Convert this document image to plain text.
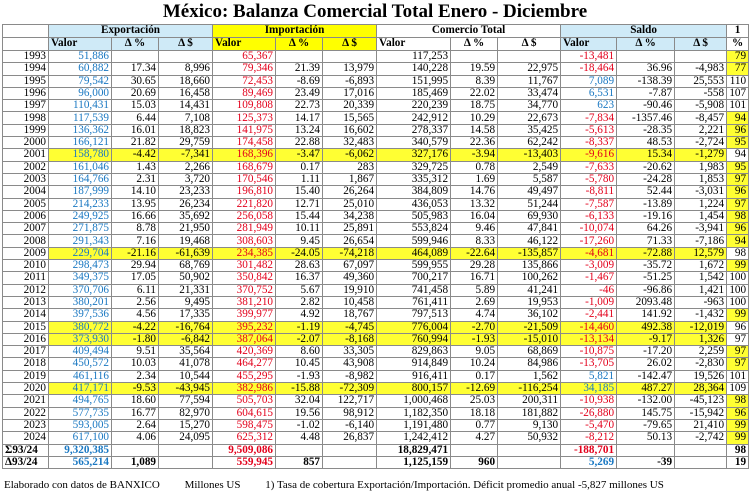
México: Balanza Comercial Total Enero - Diciembre
	Exportación			Importación			Comercio Total			Saldo			1
	Valor	Δ %	Δ $	Valor	Δ %	Δ $	Valor	Δ %	Δ $	Valor	Δ %	Δ $	%
1993	51,886			65,367			117,253			-13,481			79
1994	60,882	17.34	8,996	79,346	21.39	13,979	140,228	19.59	22,975	-18,464	36.96	-4,983	77
1995	79,542	30.65	18,660	72,453	-8.69	-6,893	151,995	8.39	11,767	7,089	-138.39	25,553	110
1996	96,000	20.69	16,458	89,469	23.49	17,016	185,469	22.02	33,474	6,531	-7.87	-558	107
1997	110,431	15.03	14,431	109,808	22.73	20,339	220,239	18.75	34,770	623	-90.46	-5,908	101
1998	117,539	6.44	7,108	125,373	14.17	15,565	242,912	10.29	22,673	-7,834	-1357.46	-8,457	94
1999	136,362	16.01	18,823	141,975	13.24	16,602	278,337	14.58	35,425	-5,613	-28.35	2,221	96
2000	166,121	21.82	29,759	174,458	22.88	32,483	340,579	22.36	62,242	-8,337	48.53	-2,724	95
2001	158,780	-4.42	-7,341	168,396	-3.47	-6,062	327,176	-3.94	-13,403	-9,616	15.34	-1,279	94
2002	161,046	1.43	2,266	168,679	0.17	283	329,725	0.78	2,549	-7,633	-20.62	1,983	95
2003	164,766	2.31	3,720	170,546	1.11	1,867	335,312	1.69	5,587	-5,780	-24.28	1,853	97
2004	187,999	14.10	23,233	196,810	15.40	26,264	384,809	14.76	49,497	-8,811	52.44	-3,031	96
2005	214,233	13.95	26,234	221,820	12.71	25,010	436,053	13.32	51,244	-7,587	-13.89	1,224	97
2006	249,925	16.66	35,692	256,058	15.44	34,238	505,983	16.04	69,930	-6,133	-19.16	1,454	98
2007	271,875	8.78	21,950	281,949	10.11	25,891	553,824	9.46	47,841	-10,074	64.26	-3,941	96
2008	291,343	7.16	19,468	308,603	9.45	26,654	599,946	8.33	46,122	-17,260	71.33	-7,186	94
2009	229,704	-21.16	-61,639	234,385	-24.05	-74,218	464,089	-22.64	-135,857	-4,681	-72.88	12,579	98
2010	298,473	29.94	68,769	301,482	28.63	67,097	599,955	29.28	135,866	-3,009	-35.72	1,672	99
2011	349,375	17.05	50,902	350,842	16.37	49,360	700,217	16.71	100,262	-1,467	-51.25	1,542	100
2012	370,706	6.11	21,331	370,752	5.67	19,910	741,458	5.89	41,241	-46	-96.86	1,421	100
2013	380,201	2.56	9,495	381,210	2.82	10,458	761,411	2.69	19,953	-1,009	2093.48	-963	100
2014	397,536	4.56	17,335	399,977	4.92	18,767	797,513	4.74	36,102	-2,441	141.92	-1,432	99
2015	380,772	-4.22	-16,764	395,232	-1.19	-4,745	776,004	-2.70	-21,509	-14,460	492.38	-12,019	96
2016	373,930	-1.80	-6,842	387,064	-2.07	-8,168	760,994	-1.93	-15,010	-13,134	-9.17	1,326	97
2017	409,494	9.51	35,564	420,369	8.60	33,305	829,863	9.05	68,869	-10,875	-17.20	2,259	97
2018	450,572	10.03	41,078	464,277	10.45	43,908	914,849	10.24	84,986	-13,705	26.02	-2,830	97
2019	461,116	2.34	10,544	455,295	-1.93	-8,982	916,411	0.17	1,562	5,821	-142.47	19,526	101
2020	417,171	-9.53	-43,945	382,986	-15.88	-72,309	800,157	-12.69	-116,254	34,185	487.27	28,364	109
2021	494,765	18.60	77,594	505,703	32.04	122,717	1,000,468	25.03	200,311	-10,938	-132.00	-45,123	98
2022	577,735	16.77	82,970	604,615	19.56	98,912	1,182,350	18.18	181,882	-26,880	145.75	-15,942	96
2023	593,005	2.64	15,270	598,475	-1.02	-6,140	1,191,480	0.77	9,130	-5,470	-79.65	21,410	99
2024	617,100	4.06	24,095	625,312	4.48	26,837	1,242,412	4.27	50,932	-8,212	50.13	-2,742	99
Σ93/24	9,320,385			9,509,086			18,829,471			-188,701			98
Δ93/24	565,214	1,089		559,945	857		1,125,159	960		5,269	-39		19
Elaborado con datos de BANXICO Millones US 1) Tasa de cobertura Exportación/Importación. Déficit promedio anual -5,827 millones US
